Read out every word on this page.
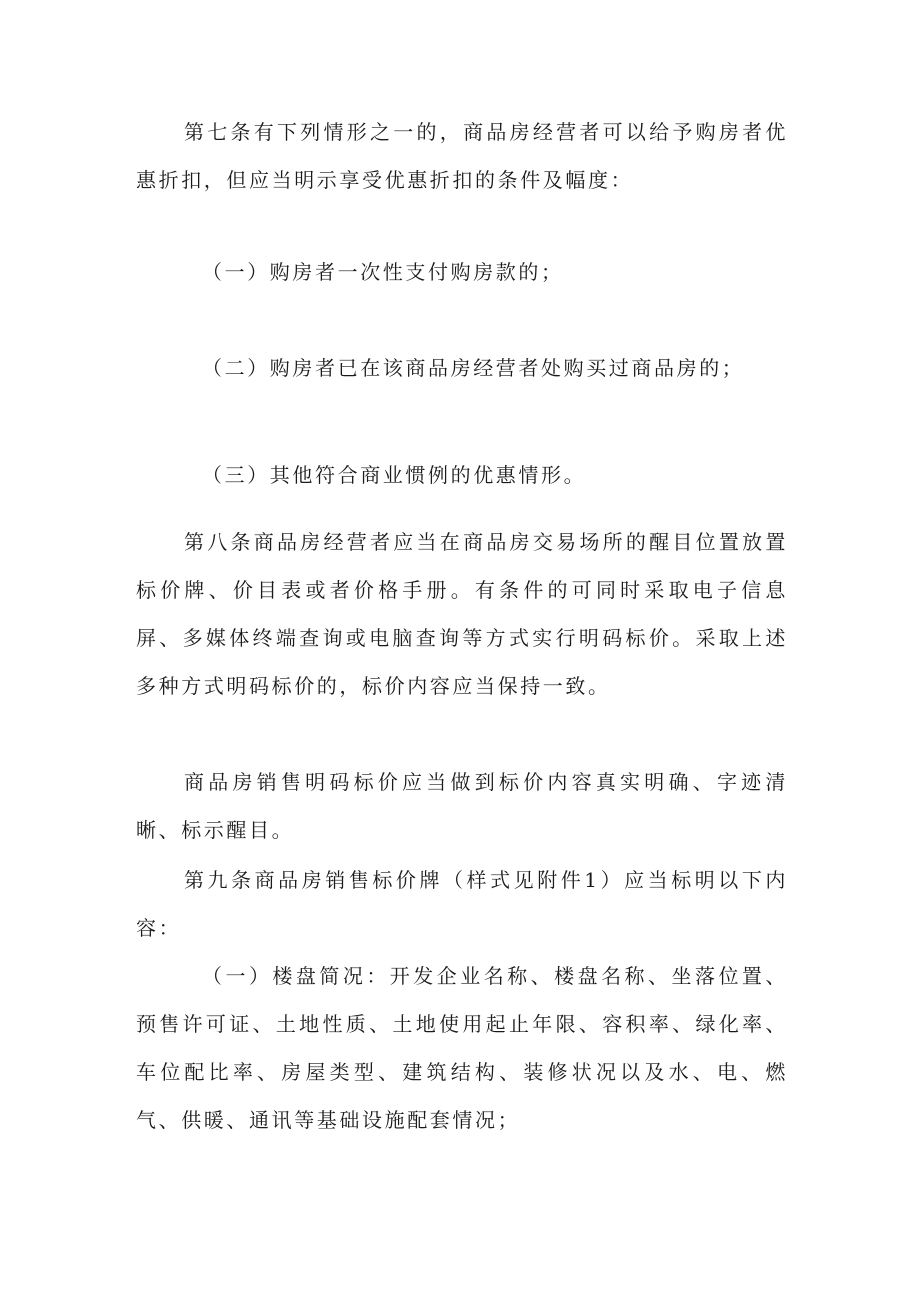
第七条有下列情形之一的，商品房经营者可以给予购房者优惠折扣，但应当明示享受优惠折扣的条件及幅度：

（一）购房者一次性支付购房款的；

（二）购房者已在该商品房经营者处购买过商品房的；

（三）其他符合商业惯例的优惠情形。

第八条商品房经营者应当在商品房交易场所的醒目位置放置标价牌、价目表或者价格手册。有条件的可同时采取电子信息屏、多媒体终端查询或电脑查询等方式实行明码标价。采取上述多种方式明码标价的，标价内容应当保持一致。

商品房销售明码标价应当做到标价内容真实明确、字迹清晰、标示醒目。

第九条商品房销售标价牌（样式见附件1）应当标明以下内容：

（一）楼盘简况：开发企业名称、楼盘名称、坐落位置、预售许可证、土地性质、土地使用起止年限、容积率、绿化率、车位配比率、房屋类型、建筑结构、装修状况以及水、电、燃气、供暖、通讯等基础设施配套情况；
